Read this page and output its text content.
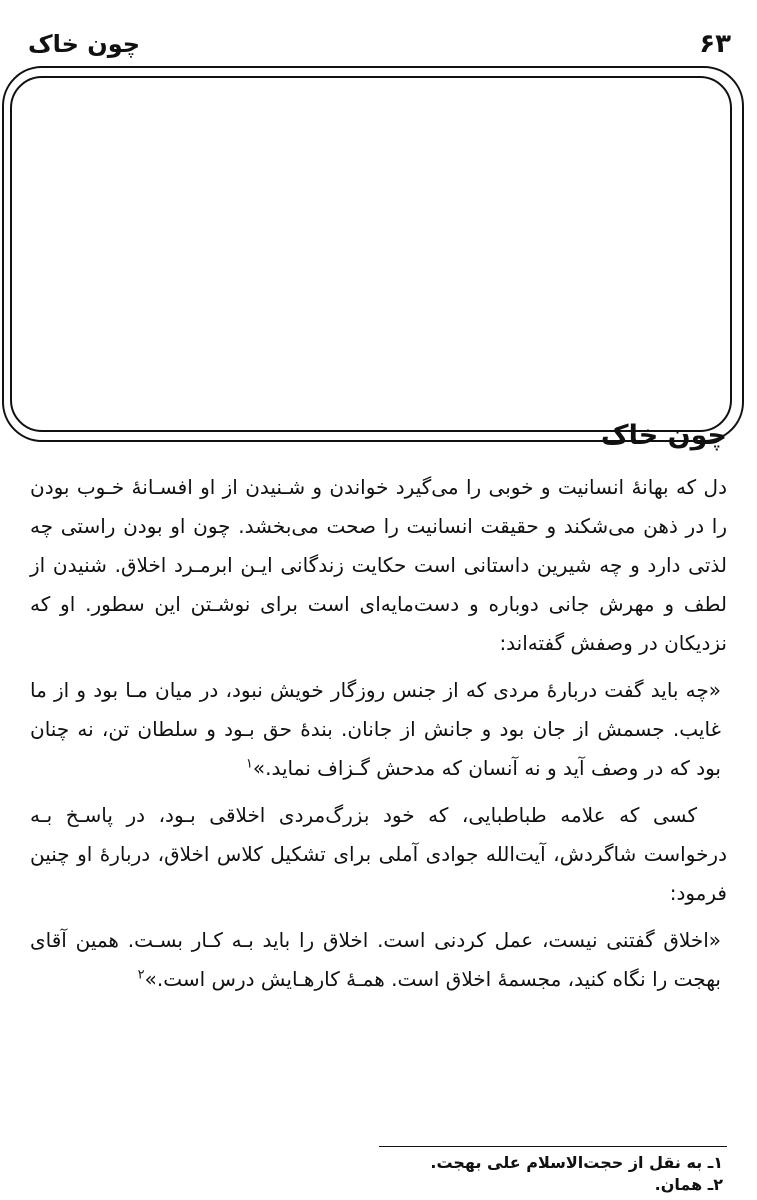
چون خاک	۶۳
چون خاک

دل که بهانهٔ انسانیت و خوبی را می‌گیرد خواندن و شـنیدن از او افسـانهٔ خـوب بودن را در ذهن می‌شکند و حقیقت انسانیت را صحت می‌بخشد. چون او بودن راستی چه لذتی دارد و چه شیرین داستانی است حکایت زندگانی ایـن ابرمـرد اخلاق. شنیدن از لطف و مهرش جانی دوباره و دست‌مایه‌ای است برای نوشـتن این سطور. او که نزدیکان در وصفش گفته‌اند:

«چه باید گفت دربارهٔ مردی که از جنس روزگار خویش نبود، در میان مـا بود و از ما غایب. جسمش از جان بود و جانش از جانان. بندهٔ حق بـود و سلطان تن، نه چنان بود که در وصف آید و نه آنسان که مدحش گـزاف نماید.»$^۱$

کسی که علامه طباطبایی، که خود بزرگ‌مردی اخلاقی بـود، در پاسـخ بـه درخواست شاگردش، آیت‌الله جوادی آملی برای تشکیل کلاس اخلاق، دربارهٔ او چنین فرمود:

«اخلاق گفتنی نیست، عمل کردنی است. اخلاق را باید بـه کـار بسـت. همین آقای بهجت را نگاه کنید، مجسمهٔ اخلاق است. همـهٔ کارهـایش درس است.»$^۲$

۱ـ به نقل از حجت‌الاسلام علی بهجت.

۲ـ همان.
